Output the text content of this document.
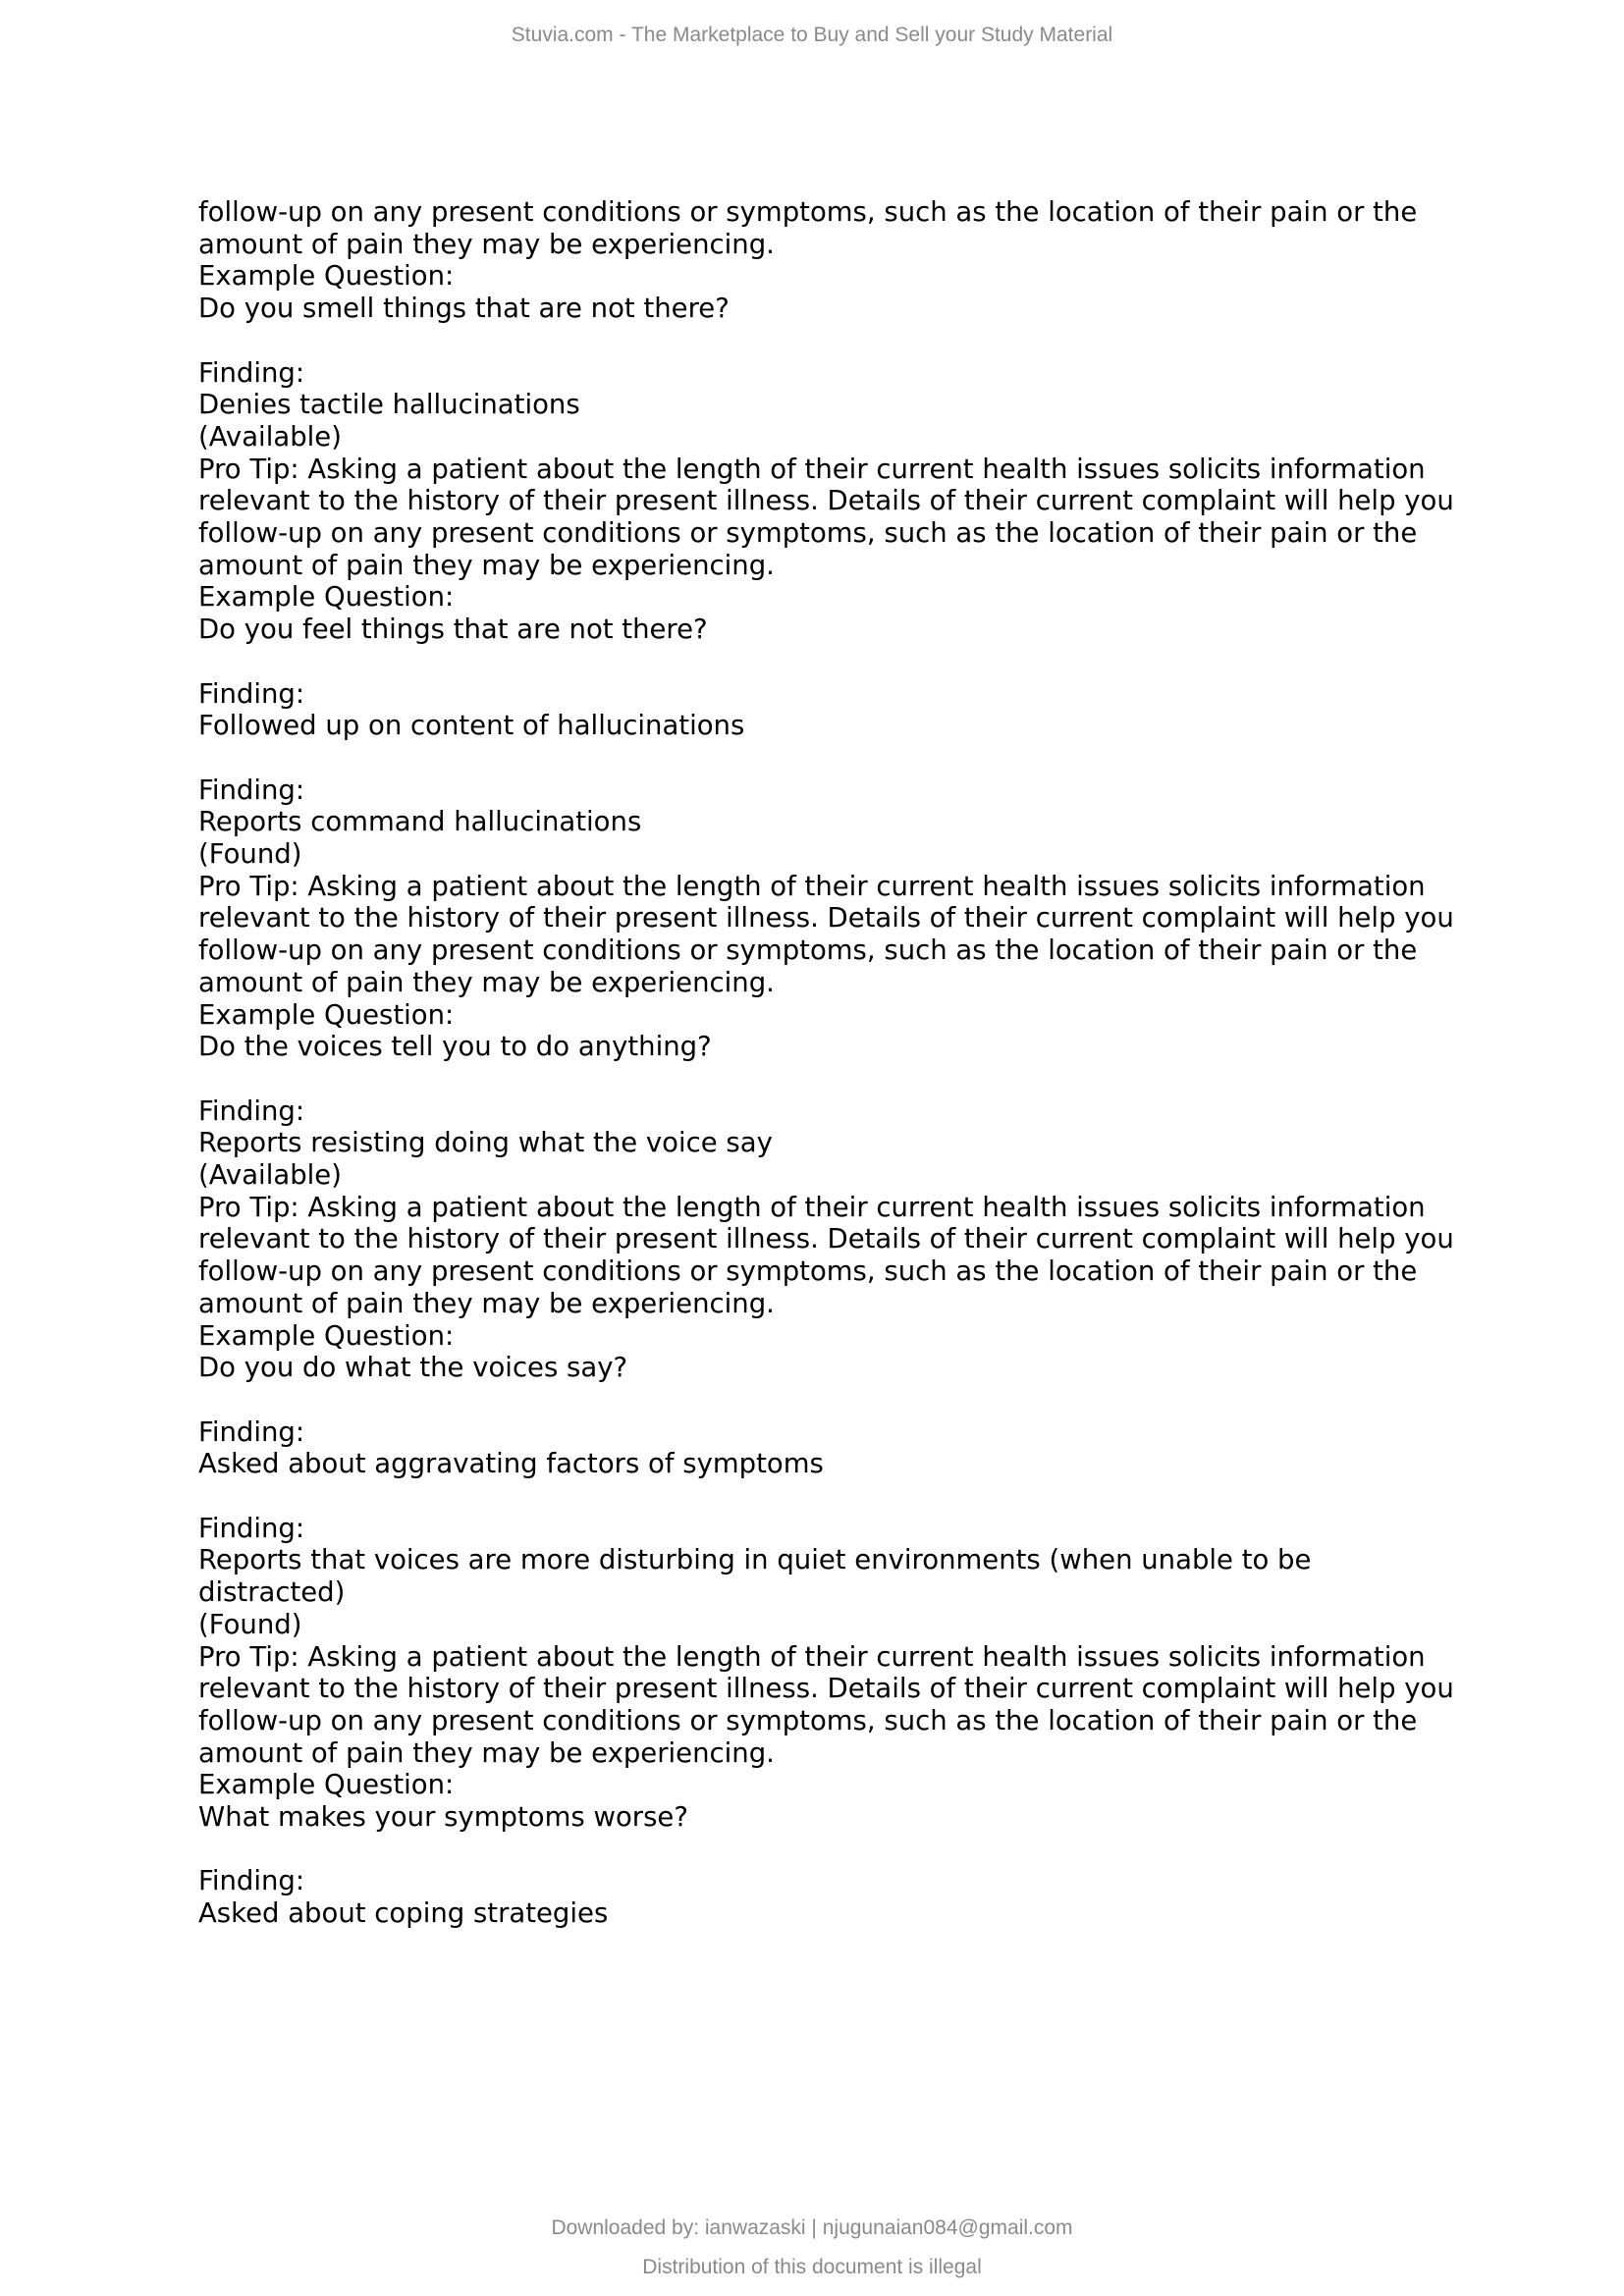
Stuvia.com - The Marketplace to Buy and Sell your Study Material
follow-up on any present conditions or symptoms, such as the location of their pain or the
amount of pain they may be experiencing.
Example Question:
Do you smell things that are not there?
Finding:
Denies tactile hallucinations
(Available)
Pro Tip: Asking a patient about the length of their current health issues solicits information
relevant to the history of their present illness. Details of their current complaint will help you
follow-up on any present conditions or symptoms, such as the location of their pain or the
amount of pain they may be experiencing.
Example Question:
Do you feel things that are not there?
Finding:
Followed up on content of hallucinations
Finding:
Reports command hallucinations
(Found)
Pro Tip: Asking a patient about the length of their current health issues solicits information
relevant to the history of their present illness. Details of their current complaint will help you
follow-up on any present conditions or symptoms, such as the location of their pain or the
amount of pain they may be experiencing.
Example Question:
Do the voices tell you to do anything?
Finding:
Reports resisting doing what the voice say
(Available)
Pro Tip: Asking a patient about the length of their current health issues solicits information
relevant to the history of their present illness. Details of their current complaint will help you
follow-up on any present conditions or symptoms, such as the location of their pain or the
amount of pain they may be experiencing.
Example Question:
Do you do what the voices say?
Finding:
Asked about aggravating factors of symptoms
Finding:
Reports that voices are more disturbing in quiet environments (when unable to be
distracted)
(Found)
Pro Tip: Asking a patient about the length of their current health issues solicits information
relevant to the history of their present illness. Details of their current complaint will help you
follow-up on any present conditions or symptoms, such as the location of their pain or the
amount of pain they may be experiencing.
Example Question:
What makes your symptoms worse?
Finding:
Asked about coping strategies
Downloaded by: ianwazaski | njugunaian084@gmail.com
Distribution of this document is illegal
